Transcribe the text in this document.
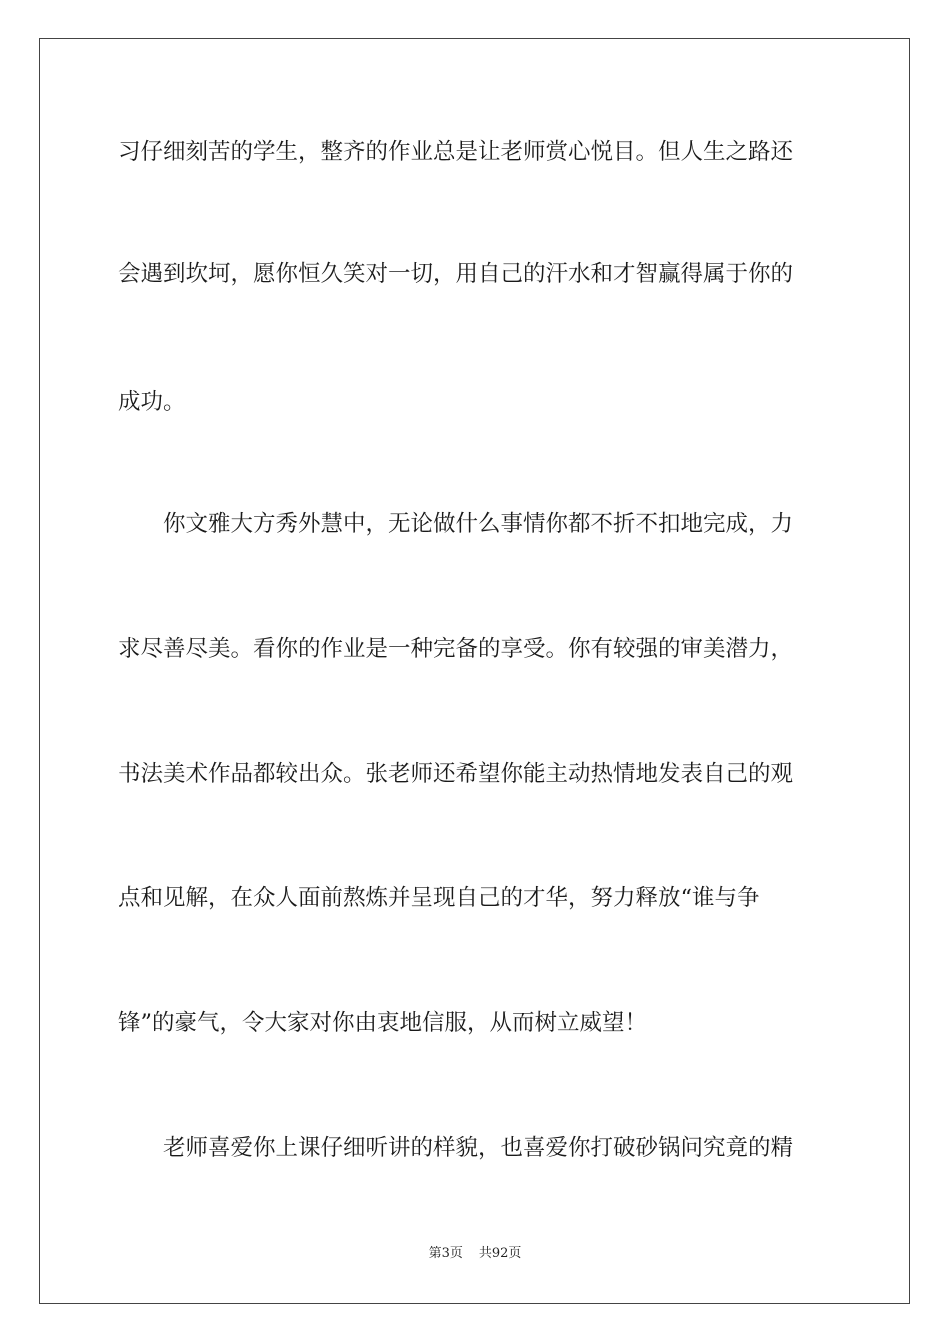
习仔细刻苦的学生，整齐的作业总是让老师赏心悦目。但人生之路还
会遇到坎坷，愿你恒久笑对一切，用自己的汗水和才智赢得属于你的
成功。
你文雅大方秀外慧中，无论做什么事情你都不折不扣地完成，力
求尽善尽美。看你的作业是一种完备的享受。你有较强的审美潜力，
书法美术作品都较出众。张老师还希望你能主动热情地发表自己的观
点和见解，在众人面前熬炼并呈现自己的才华，努力释放“谁与争
锋”的豪气，令大家对你由衷地信服，从而树立威望！
老师喜爱你上课仔细听讲的样貌，也喜爱你打破砂锅问究竟的精
第3页 共92页
